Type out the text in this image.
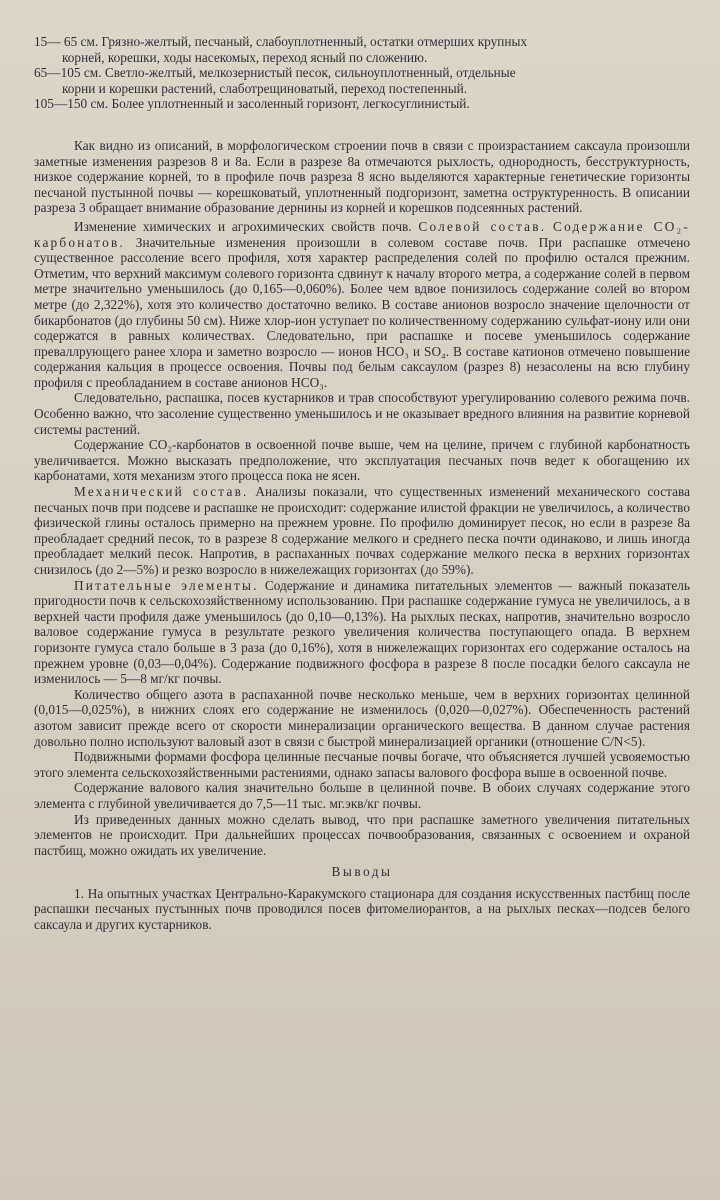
15— 65 см. Грязно-желтый, песчаный, слабоуплотненный, остатки отмерших крупных
корней, корешки, ходы насекомых, переход ясный по сложению.
65—105 см. Светло-желтый, мелкозернистый песок, сильноуплотненный, отдельные
корни и корешки растений, слаботрещиноватый, переход постепенный.
105—150 см. Более уплотненный и засоленный горизонт, легкосуглинистый.

Как видно из описаний, в морфологическом строении почв в связи с произрастанием саксаула произошли заметные изменения разрезов 8 и 8а. Если в разрезе 8а отмечаются рыхлость, однородность, бесструктурность, низкое содержание корней, то в профиле почв разреза 8 ясно выделяются характерные генетические горизонты песчаной пустынной почвы — корешковатый, уплотненный подгоризонт, заметна оструктуренность. В описании разреза 3 обращает внимание образование дернины из корней и корешков подсеянных растений.

Изменение химических и агрохимических свойств почв. Солевой состав. Содержание CO₂-карбонатов. Значительные изменения произошли в солевом составе почв. При распашке отмечено существенное рассоление всего профиля, хотя характер распределения солей по профилю остался прежним. Отметим, что верхний максимум солевого горизонта сдвинут к началу второго метра, а содержание солей в первом метре значительно уменьшилось (до 0,165—0,060%). Более чем вдвое понизилось содержание солей во втором метре (до 2,322%), хотя это количество достаточно велико. В составе анионов возросло значение щелочности от бикарбонатов (до глубины 50 см). Ниже хлор-ион уступает по количественному содержанию сульфат-иону или они содержатся в равных количествах. Следовательно, при распашке и посеве уменьшилось содержание преваллрующего ранее хлора и заметно возросло — ионов HCO₃ и SO₄. В составе катионов отмечено повышение содержания кальция в процессе освоения. Почвы под белым саксаулом (разрез 8) незасолены на всю глубину профиля с преобладанием в составе анионов HCO₃.

Следовательно, распашка, посев кустарников и трав способствуют урегулированию солевого режима почв. Особенно важно, что засоление существенно уменьшилось и не оказывает вредного влияния на развитие корневой системы растений.

Содержание CO₂-карбонатов в освоенной почве выше, чем на целине, причем с глубиной карбонатность увеличивается. Можно высказать предположение, что эксплуатация песчаных почв ведет к обогащению их карбонатами, хотя механизм этого процесса пока не ясен.

Механический состав. Анализы показали, что существенных изменений механического состава песчаных почв при подсеве и распашке не происходит: содержание илистой фракции не увеличилось, а количество физической глины осталось примерно на прежнем уровне. По профилю доминирует песок, но если в разрезе 8а преобладает средний песок, то в разрезе 8 содержание мелкого и среднего песка почти одинаково, и лишь иногда преобладает мелкий песок. Напротив, в распаханных почвах содержание мелкого песка в верхних горизонтах снизилось (до 2—5%) и резко возросло в нижележащих горизонтах (до 59%).

Питательные элементы. Содержание и динамика питательных элементов — важный показатель пригодности почв к сельскохозяйственному использованию. При распашке содержание гумуса не увеличилось, а в верхней части профиля даже уменьшилось (до 0,10—0,13%). На рыхлых песках, напротив, значительно возросло валовое содержание гумуса в результате резкого увеличения количества поступающего опада. В верхнем горизонте гумуса стало больше в 3 раза (до 0,16%), хотя в нижележащих горизонтах его содержание осталось на прежнем уровне (0,03—0,04%). Содержание подвижного фосфора в разрезе 8 после посадки белого саксаула не изменилось — 5—8 мг/кг почвы.

Количество общего азота в распаханной почве несколько меньше, чем в верхних горизонтах целинной (0,015—0,025%), в нижних слоях его содержание не изменилось (0,020—0,027%). Обеспеченность растений азотом зависит прежде всего от скорости минерализации органического вещества. В данном случае растения довольно полно используют валовый азот в связи с быстрой минерализацией органики (отношение C/N<5).

Подвижными формами фосфора целинные песчаные почвы богаче, что объясняется лучшей усвояемостью этого элемента сельскохозяйственными растениями, однако запасы валового фосфора выше в освоенной почве.

Содержание валового калия значительно больше в целинной почве. В обоих случаях содержание этого элемента с глубиной увеличивается до 7,5—11 тыс. мг.экв/кг почвы.

Из приведенных данных можно сделать вывод, что при распашке заметного увеличения питательных элементов не происходит. При дальнейших процессах почвообразования, связанных с освоением и охраной пастбищ, можно ожидать их увеличение.

Выводы

1. На опытных участках Центрально-Каракумского стационара для создания искусственных пастбищ после распашки песчаных пустынных почв проводился посев фитомелиорантов, а на рыхлых песках—подсев белого саксаула и других кустарников.
